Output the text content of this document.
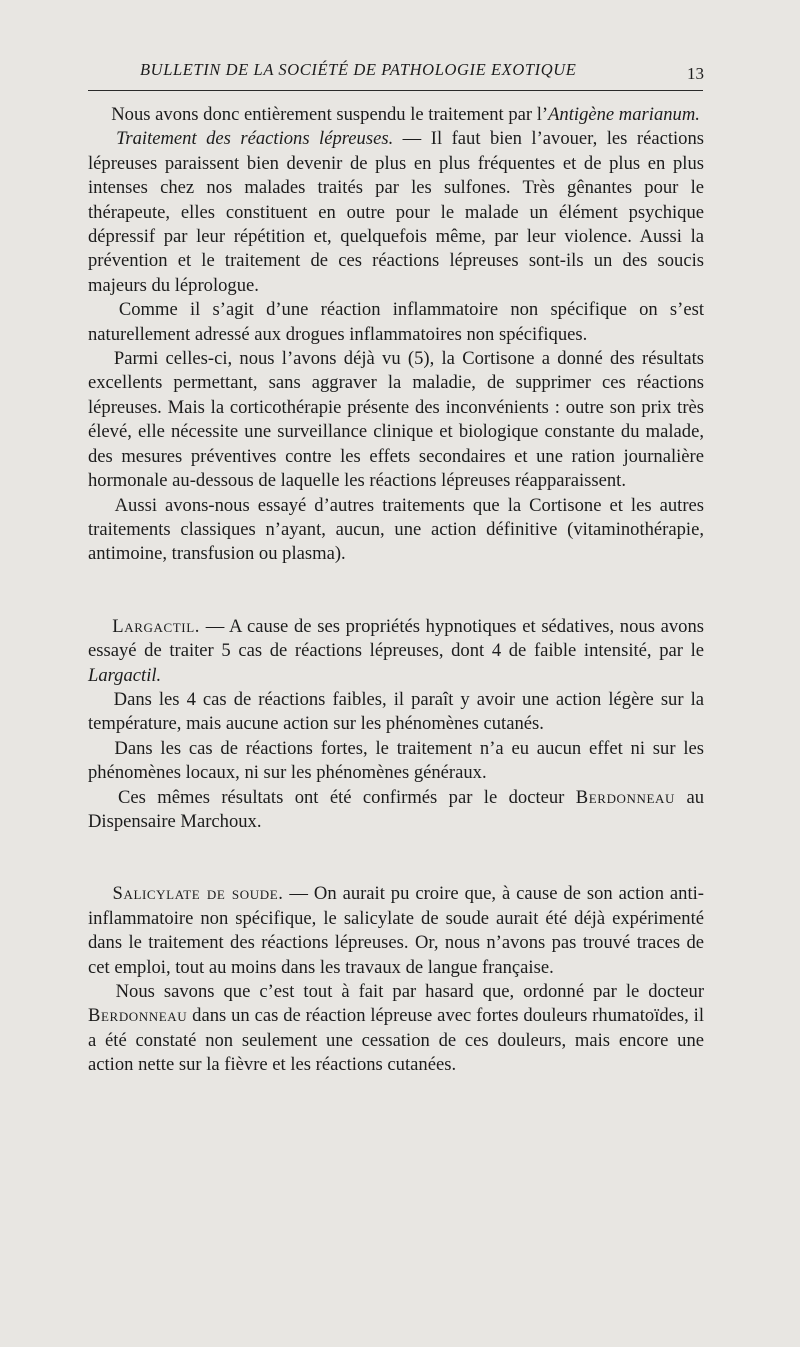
BULLETIN DE LA SOCIÉTÉ DE PATHOLOGIE EXOTIQUE	13

  Nous avons donc entièrement suspendu le traitement par l’Antigène marianum.

  Traitement des réactions lépreuses. — Il faut bien l’avouer, les réactions lépreuses paraissent bien devenir de plus en plus fréquentes et de plus en plus intenses chez nos malades traités par les sulfones. Très gênantes pour le thérapeute, elles constituent en outre pour le malade un élément psychique dépressif par leur répétition et, quelquefois même, par leur violence. Aussi la prévention et le traitement de ces réactions lépreuses sont-ils un des soucis majeurs du léprologue.

  Comme il s’agit d’une réaction inflammatoire non spécifique on s’est naturellement adressé aux drogues inflammatoires non spécifiques.

  Parmi celles-ci, nous l’avons déjà vu (5), la Cortisone a donné des résultats excellents permettant, sans aggraver la maladie, de supprimer ces réactions lépreuses. Mais la corticothérapie présente des inconvénients : outre son prix très élevé, elle nécessite une surveillance clinique et biologique constante du malade, des mesures préventives contre les effets secondaires et une ration journalière hormonale au-dessous de laquelle les réactions lépreuses réapparaissent.

  Aussi avons-nous essayé d’autres traitements que la Cortisone et les autres traitements classiques n’ayant, aucun, une action définitive (vitaminothérapie, antimoine, transfusion ou plasma).

  Largactil. — A cause de ses propriétés hypnotiques et sédatives, nous avons essayé de traiter 5 cas de réactions lépreuses, dont 4 de faible intensité, par le Largactil.

  Dans les 4 cas de réactions faibles, il paraît y avoir une action légère sur la température, mais aucune action sur les phénomènes cutanés.

  Dans les cas de réactions fortes, le traitement n’a eu aucun effet ni sur les phénomènes locaux, ni sur les phénomènes généraux.

  Ces mêmes résultats ont été confirmés par le docteur Berdonneau au Dispensaire Marchoux.

  Salicylate de soude. — On aurait pu croire que, à cause de son action anti-inflammatoire non spécifique, le salicylate de soude aurait été déjà expérimenté dans le traitement des réactions lépreuses. Or, nous n’avons pas trouvé traces de cet emploi, tout au moins dans les travaux de langue française.

  Nous savons que c’est tout à fait par hasard que, ordonné par le docteur Berdonneau dans un cas de réaction lépreuse avec fortes douleurs rhumatoïdes, il a été constaté non seulement une cessation de ces douleurs, mais encore une action nette sur la fièvre et les réactions cutanées.
